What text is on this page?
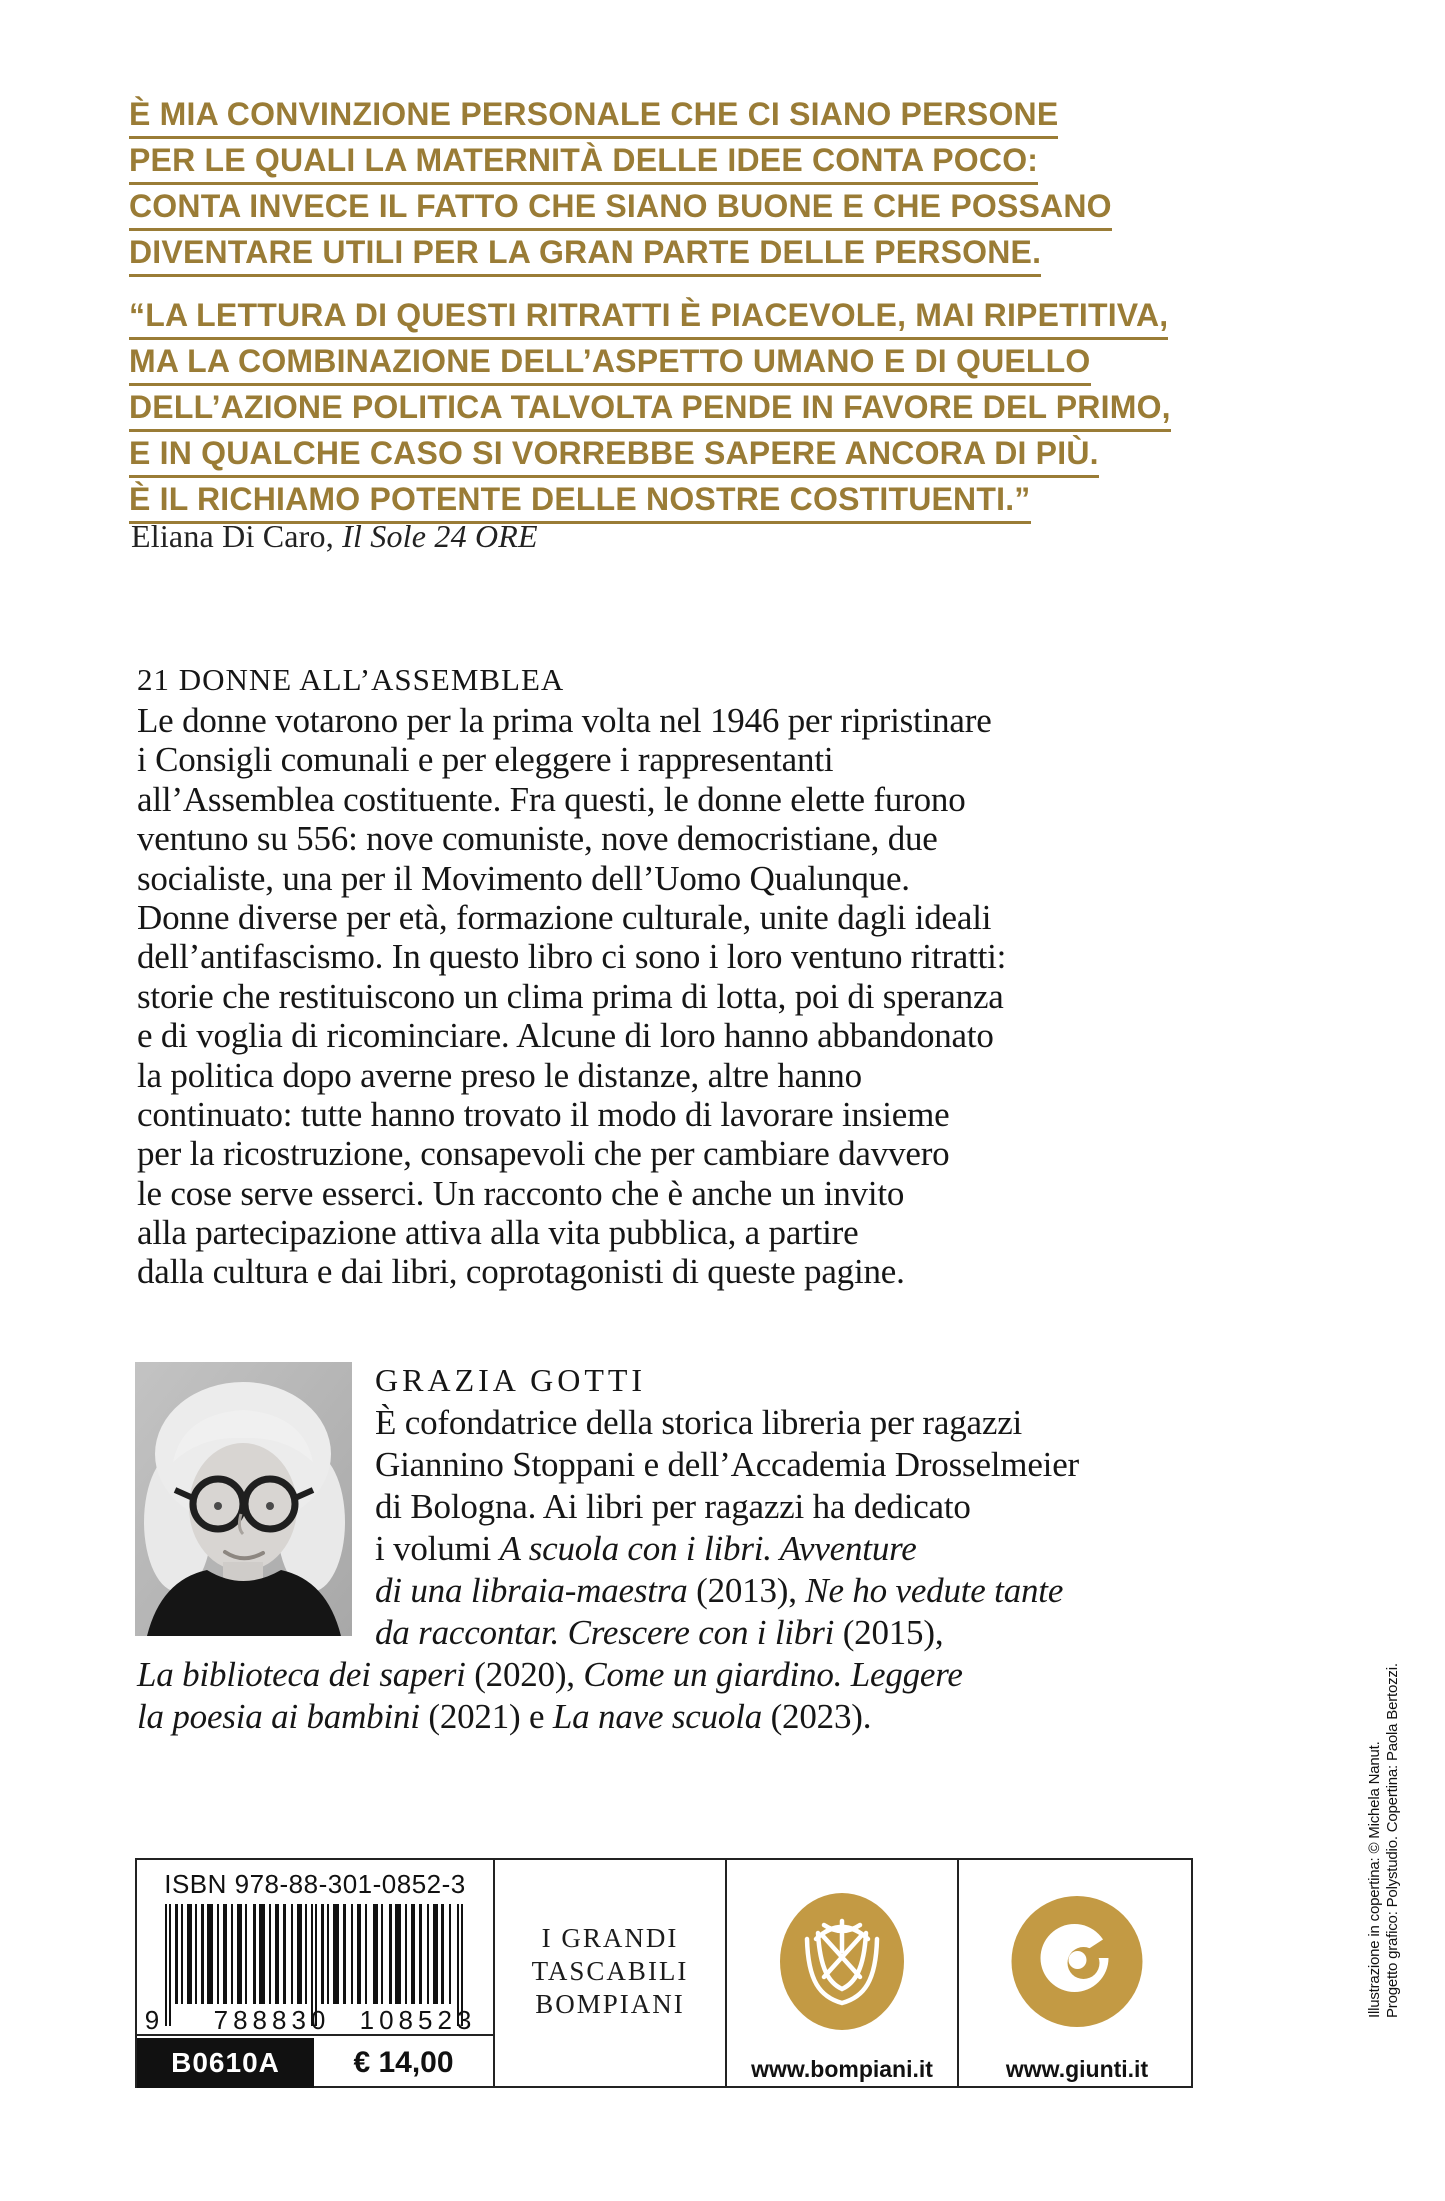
È MIA CONVINZIONE PERSONALE CHE CI SIANO PERSONE
PER LE QUALI LA MATERNITÀ DELLE IDEE CONTA POCO:
CONTA INVECE IL FATTO CHE SIANO BUONE E CHE POSSANO
DIVENTARE UTILI PER LA GRAN PARTE DELLE PERSONE.
“LA LETTURA DI QUESTI RITRATTI È PIACEVOLE, MAI RIPETITIVA,
MA LA COMBINAZIONE DELL’ASPETTO UMANO E DI QUELLO
DELL’AZIONE POLITICA TALVOLTA PENDE IN FAVORE DEL PRIMO,
E IN QUALCHE CASO SI VORREBBE SAPERE ANCORA DI PIÙ.
È IL RICHIAMO POTENTE DELLE NOSTRE COSTITUENTI.”
Eliana Di Caro, Il Sole 24 ORE
21 DONNE ALL’ASSEMBLEA
Le donne votarono per la prima volta nel 1946 per ripristinare
i Consigli comunali e per eleggere i rappresentanti
all’Assemblea costituente. Fra questi, le donne elette furono
ventuno su 556: nove comuniste, nove democristiane, due
socialiste, una per il Movimento dell’Uomo Qualunque.
Donne diverse per età, formazione culturale, unite dagli ideali
dell’antifascismo. In questo libro ci sono i loro ventuno ritratti:
storie che restituiscono un clima prima di lotta, poi di speranza
e di voglia di ricominciare. Alcune di loro hanno abbandonato
la politica dopo averne preso le distanze, altre hanno
continuato: tutte hanno trovato il modo di lavorare insieme
per la ricostruzione, consapevoli che per cambiare davvero
le cose serve esserci. Un racconto che è anche un invito
alla partecipazione attiva alla vita pubblica, a partire
dalla cultura e dai libri, coprotagonisti di queste pagine.
GRAZIA GOTTI
È cofondatrice della storica libreria per ragazzi
Giannino Stoppani e dell’Accademia Drosselmeier
di Bologna. Ai libri per ragazzi ha dedicato
i volumi A scuola con i libri. Avventure
di una libraia-maestra (2013), Ne ho vedute tante
da raccontar. Crescere con i libri (2015),
La biblioteca dei saperi (2020), Come un giardino. Leggere
la poesia ai bambini (2021) e La nave scuola (2023).
ISBN 978-88-301-0852-3
9	788830	108523
B0610A	€ 14,00
I GRANDI
TASCABILI
BOMPIANI
www.bompiani.it	www.giunti.it
Illustrazione in copertina: © Michela Nanut. Progetto grafico: Polystudio. Copertina: Paola Bertozzi.
